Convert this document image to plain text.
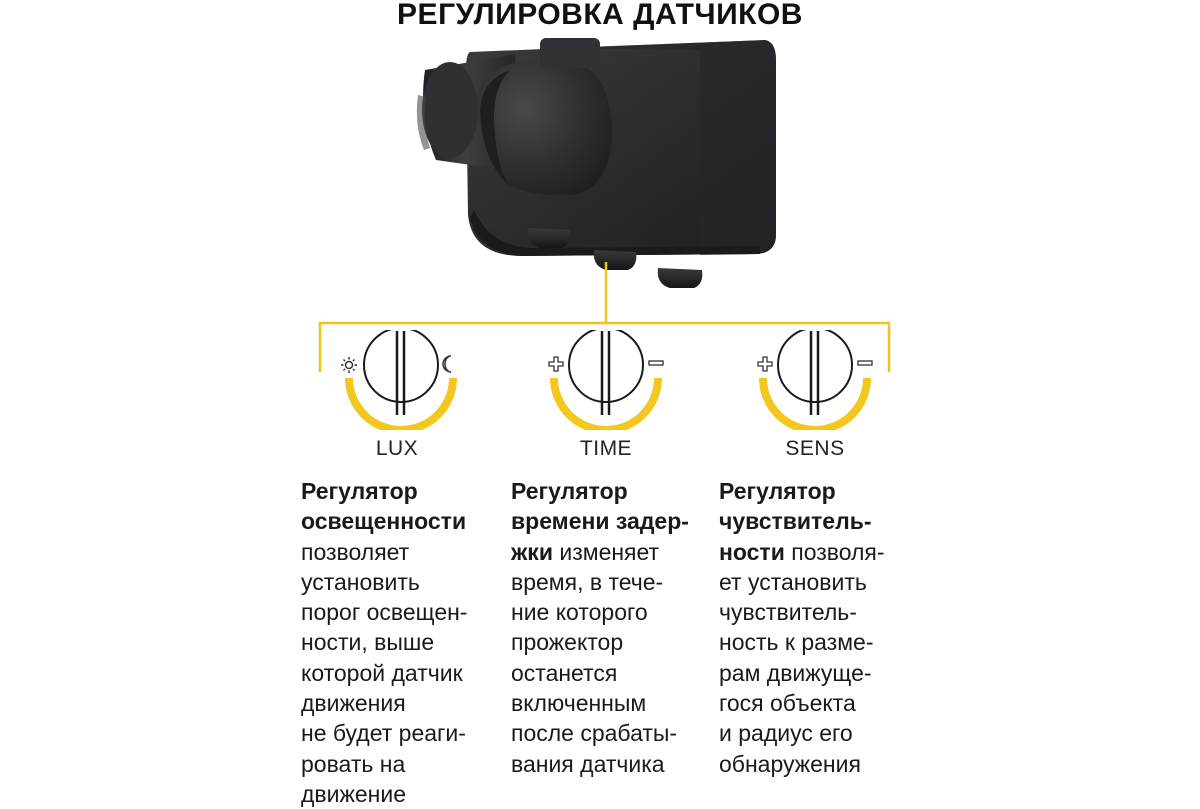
РЕГУЛИРОВКА ДАТЧИКОВ
LUX	TIME	SENS
Регулятор
освещенности
позволяет
установить
порог освещен-
ности, выше
которой датчик
движения
не будет реаги-
ровать на
движение
Регулятор
времени задер-
жки изменяет
время, в тече-
ние которого
прожектор
останется
включенным
после срабаты-
вания датчика
Регулятор
чувствитель-
ности позволя-
ет установить
чувствитель-
ность к разме-
рам движуще-
гося объекта
и радиус его
обнаружения
